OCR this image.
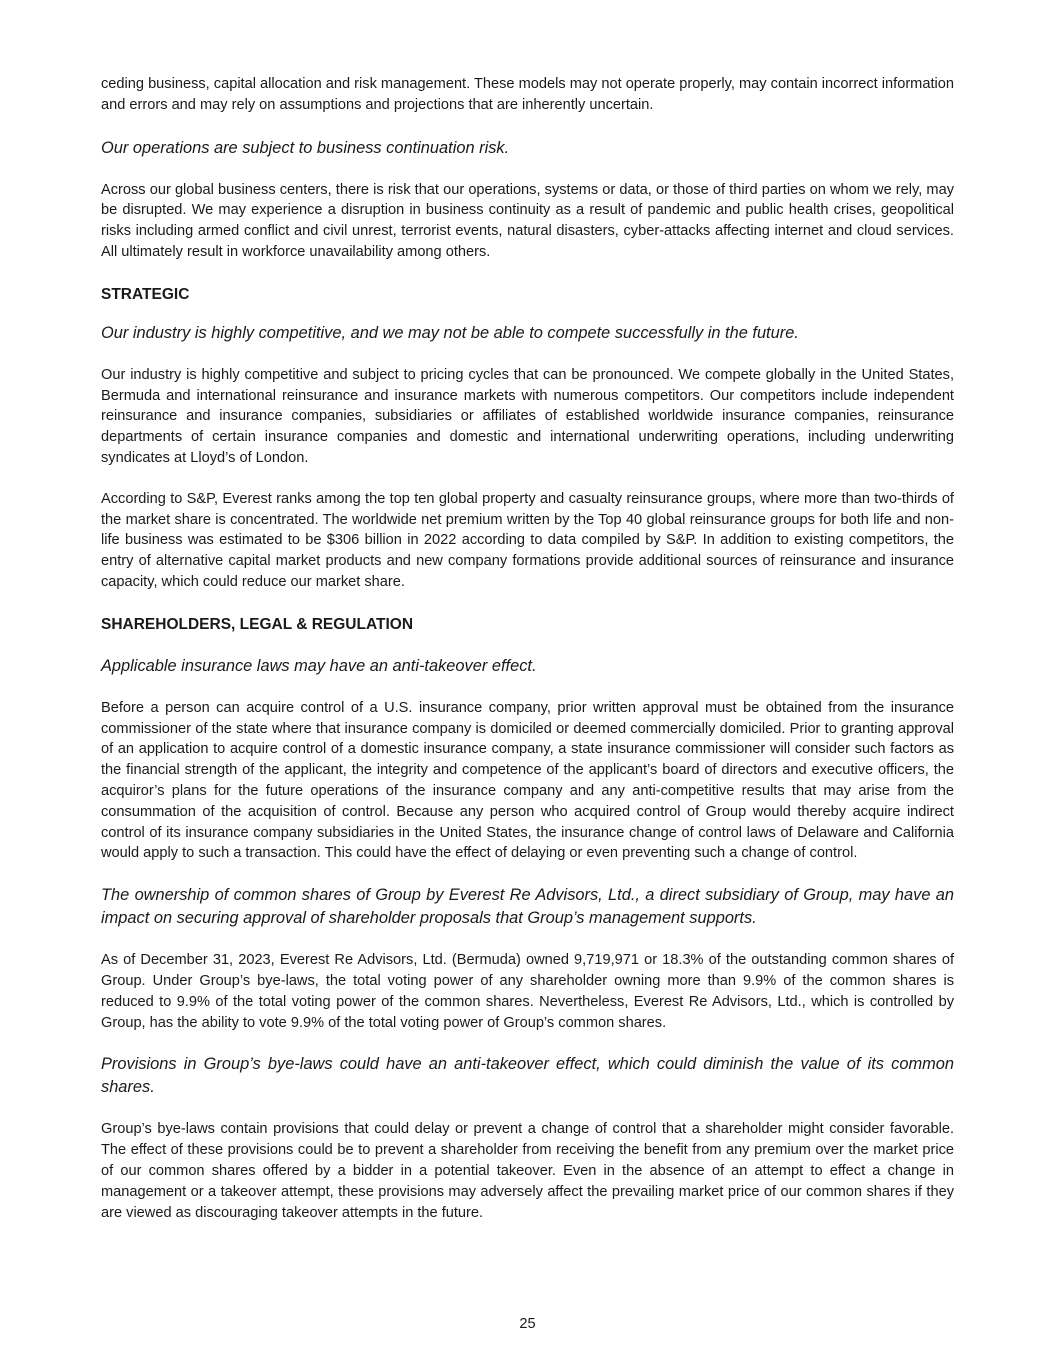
ceding business, capital allocation and risk management. These models may not operate properly, may contain incorrect information and errors and may rely on assumptions and projections that are inherently uncertain.

Our operations are subject to business continuation risk.

Across our global business centers, there is risk that our operations, systems or data, or those of third parties on whom we rely, may be disrupted. We may experience a disruption in business continuity as a result of pandemic and public health crises, geopolitical risks including armed conflict and civil unrest, terrorist events, natural disasters, cyber-attacks affecting internet and cloud services. All ultimately result in workforce unavailability among others.

STRATEGIC

Our industry is highly competitive, and we may not be able to compete successfully in the future.

Our industry is highly competitive and subject to pricing cycles that can be pronounced. We compete globally in the United States, Bermuda and international reinsurance and insurance markets with numerous competitors. Our competitors include independent reinsurance and insurance companies, subsidiaries or affiliates of established worldwide insurance companies, reinsurance departments of certain insurance companies and domestic and international underwriting operations, including underwriting syndicates at Lloyd’s of London.

According to S&P, Everest ranks among the top ten global property and casualty reinsurance groups, where more than two-thirds of the market share is concentrated. The worldwide net premium written by the Top 40 global reinsurance groups for both life and non-life business was estimated to be $306 billion in 2022 according to data compiled by S&P. In addition to existing competitors, the entry of alternative capital market products and new company formations provide additional sources of reinsurance and insurance capacity, which could reduce our market share.

SHAREHOLDERS, LEGAL & REGULATION

Applicable insurance laws may have an anti-takeover effect.

Before a person can acquire control of a U.S. insurance company, prior written approval must be obtained from the insurance commissioner of the state where that insurance company is domiciled or deemed commercially domiciled. Prior to granting approval of an application to acquire control of a domestic insurance company, a state insurance commissioner will consider such factors as the financial strength of the applicant, the integrity and competence of the applicant’s board of directors and executive officers, the acquiror’s plans for the future operations of the insurance company and any anti-competitive results that may arise from the consummation of the acquisition of control. Because any person who acquired control of Group would thereby acquire indirect control of its insurance company subsidiaries in the United States, the insurance change of control laws of Delaware and California would apply to such a transaction. This could have the effect of delaying or even preventing such a change of control.

The ownership of common shares of Group by Everest Re Advisors, Ltd., a direct subsidiary of Group, may have an impact on securing approval of shareholder proposals that Group’s management supports.

As of December 31, 2023, Everest Re Advisors, Ltd. (Bermuda) owned 9,719,971 or 18.3% of the outstanding common shares of Group. Under Group’s bye-laws, the total voting power of any shareholder owning more than 9.9% of the common shares is reduced to 9.9% of the total voting power of the common shares. Nevertheless, Everest Re Advisors, Ltd., which is controlled by Group, has the ability to vote 9.9% of the total voting power of Group’s common shares.

Provisions in Group’s bye-laws could have an anti-takeover effect, which could diminish the value of its common shares.

Group’s bye-laws contain provisions that could delay or prevent a change of control that a shareholder might consider favorable. The effect of these provisions could be to prevent a shareholder from receiving the benefit from any premium over the market price of our common shares offered by a bidder in a potential takeover. Even in the absence of an attempt to effect a change in management or a takeover attempt, these provisions may adversely affect the prevailing market price of our common shares if they are viewed as discouraging takeover attempts in the future.

25
